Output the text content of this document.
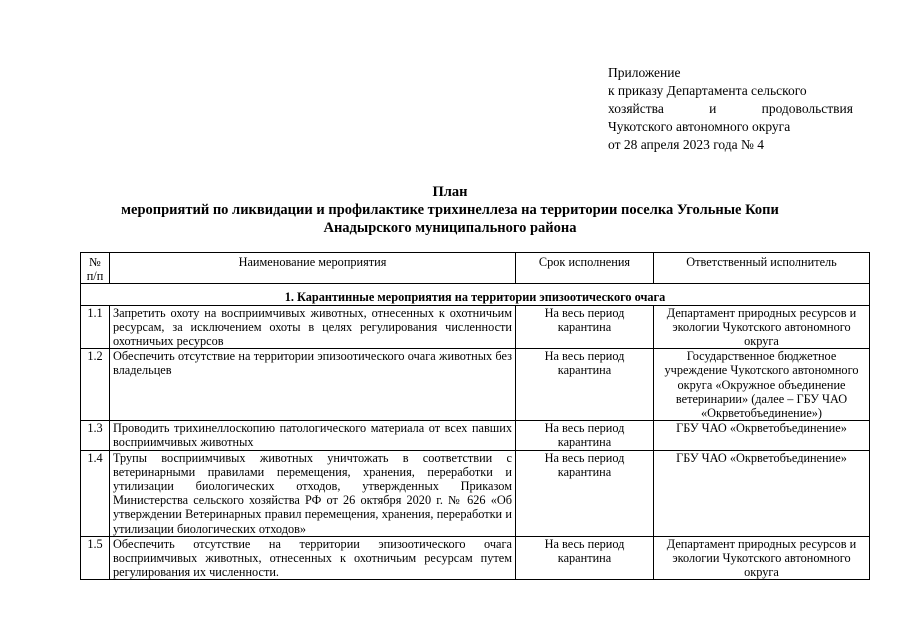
Приложение
к приказу Департамента сельского
хозяйства и продовольствия
Чукотского автономного округа
от 28 апреля 2023 года № 4
План
мероприятий по ликвидации и профилактике трихинеллеза на территории поселка Угольные Копи
Анадырского муниципального района
№ п/п	Наименование мероприятия	Срок исполнения	Ответственный исполнитель
1. Карантинные мероприятия на территории эпизоотического очага			
1.1	Запретить охоту на восприимчивых животных, отнесенных к охотничьим ресурсам, за исключением охоты в целях регулирования численности охотничьих ресурсов	На весь период карантина	Департамент природных ресурсов и экологии Чукотского автономного округа
1.2	Обеспечить отсутствие на территории эпизоотического очага животных без владельцев	На весь период карантина	Государственное бюджетное учреждение Чукотского автономного округа «Окружное объединение ветеринарии» (далее – ГБУ ЧАО «Окрветобъединение»)
1.3	Проводить трихинеллоскопию патологического материала от всех павших восприимчивых животных	На весь период карантина	ГБУ ЧАО «Окрветобъединение»
1.4	Трупы восприимчивых животных уничтожать в соответствии с ветеринарными правилами перемещения, хранения, переработки и утилизации биологических отходов, утвержденных Приказом Министерства сельского хозяйства РФ от 26 октября 2020 г. № 626 «Об утверждении Ветеринарных правил перемещения, хранения, переработки и утилизации биологических отходов»	На весь период карантина	ГБУ ЧАО «Окрветобъединение»
1.5	Обеспечить отсутствие на территории эпизоотического очага восприимчивых животных, отнесенных к охотничьим ресурсам путем регулирования их численности.	На весь период карантина	Департамент природных ресурсов и экологии Чукотского автономного округа
